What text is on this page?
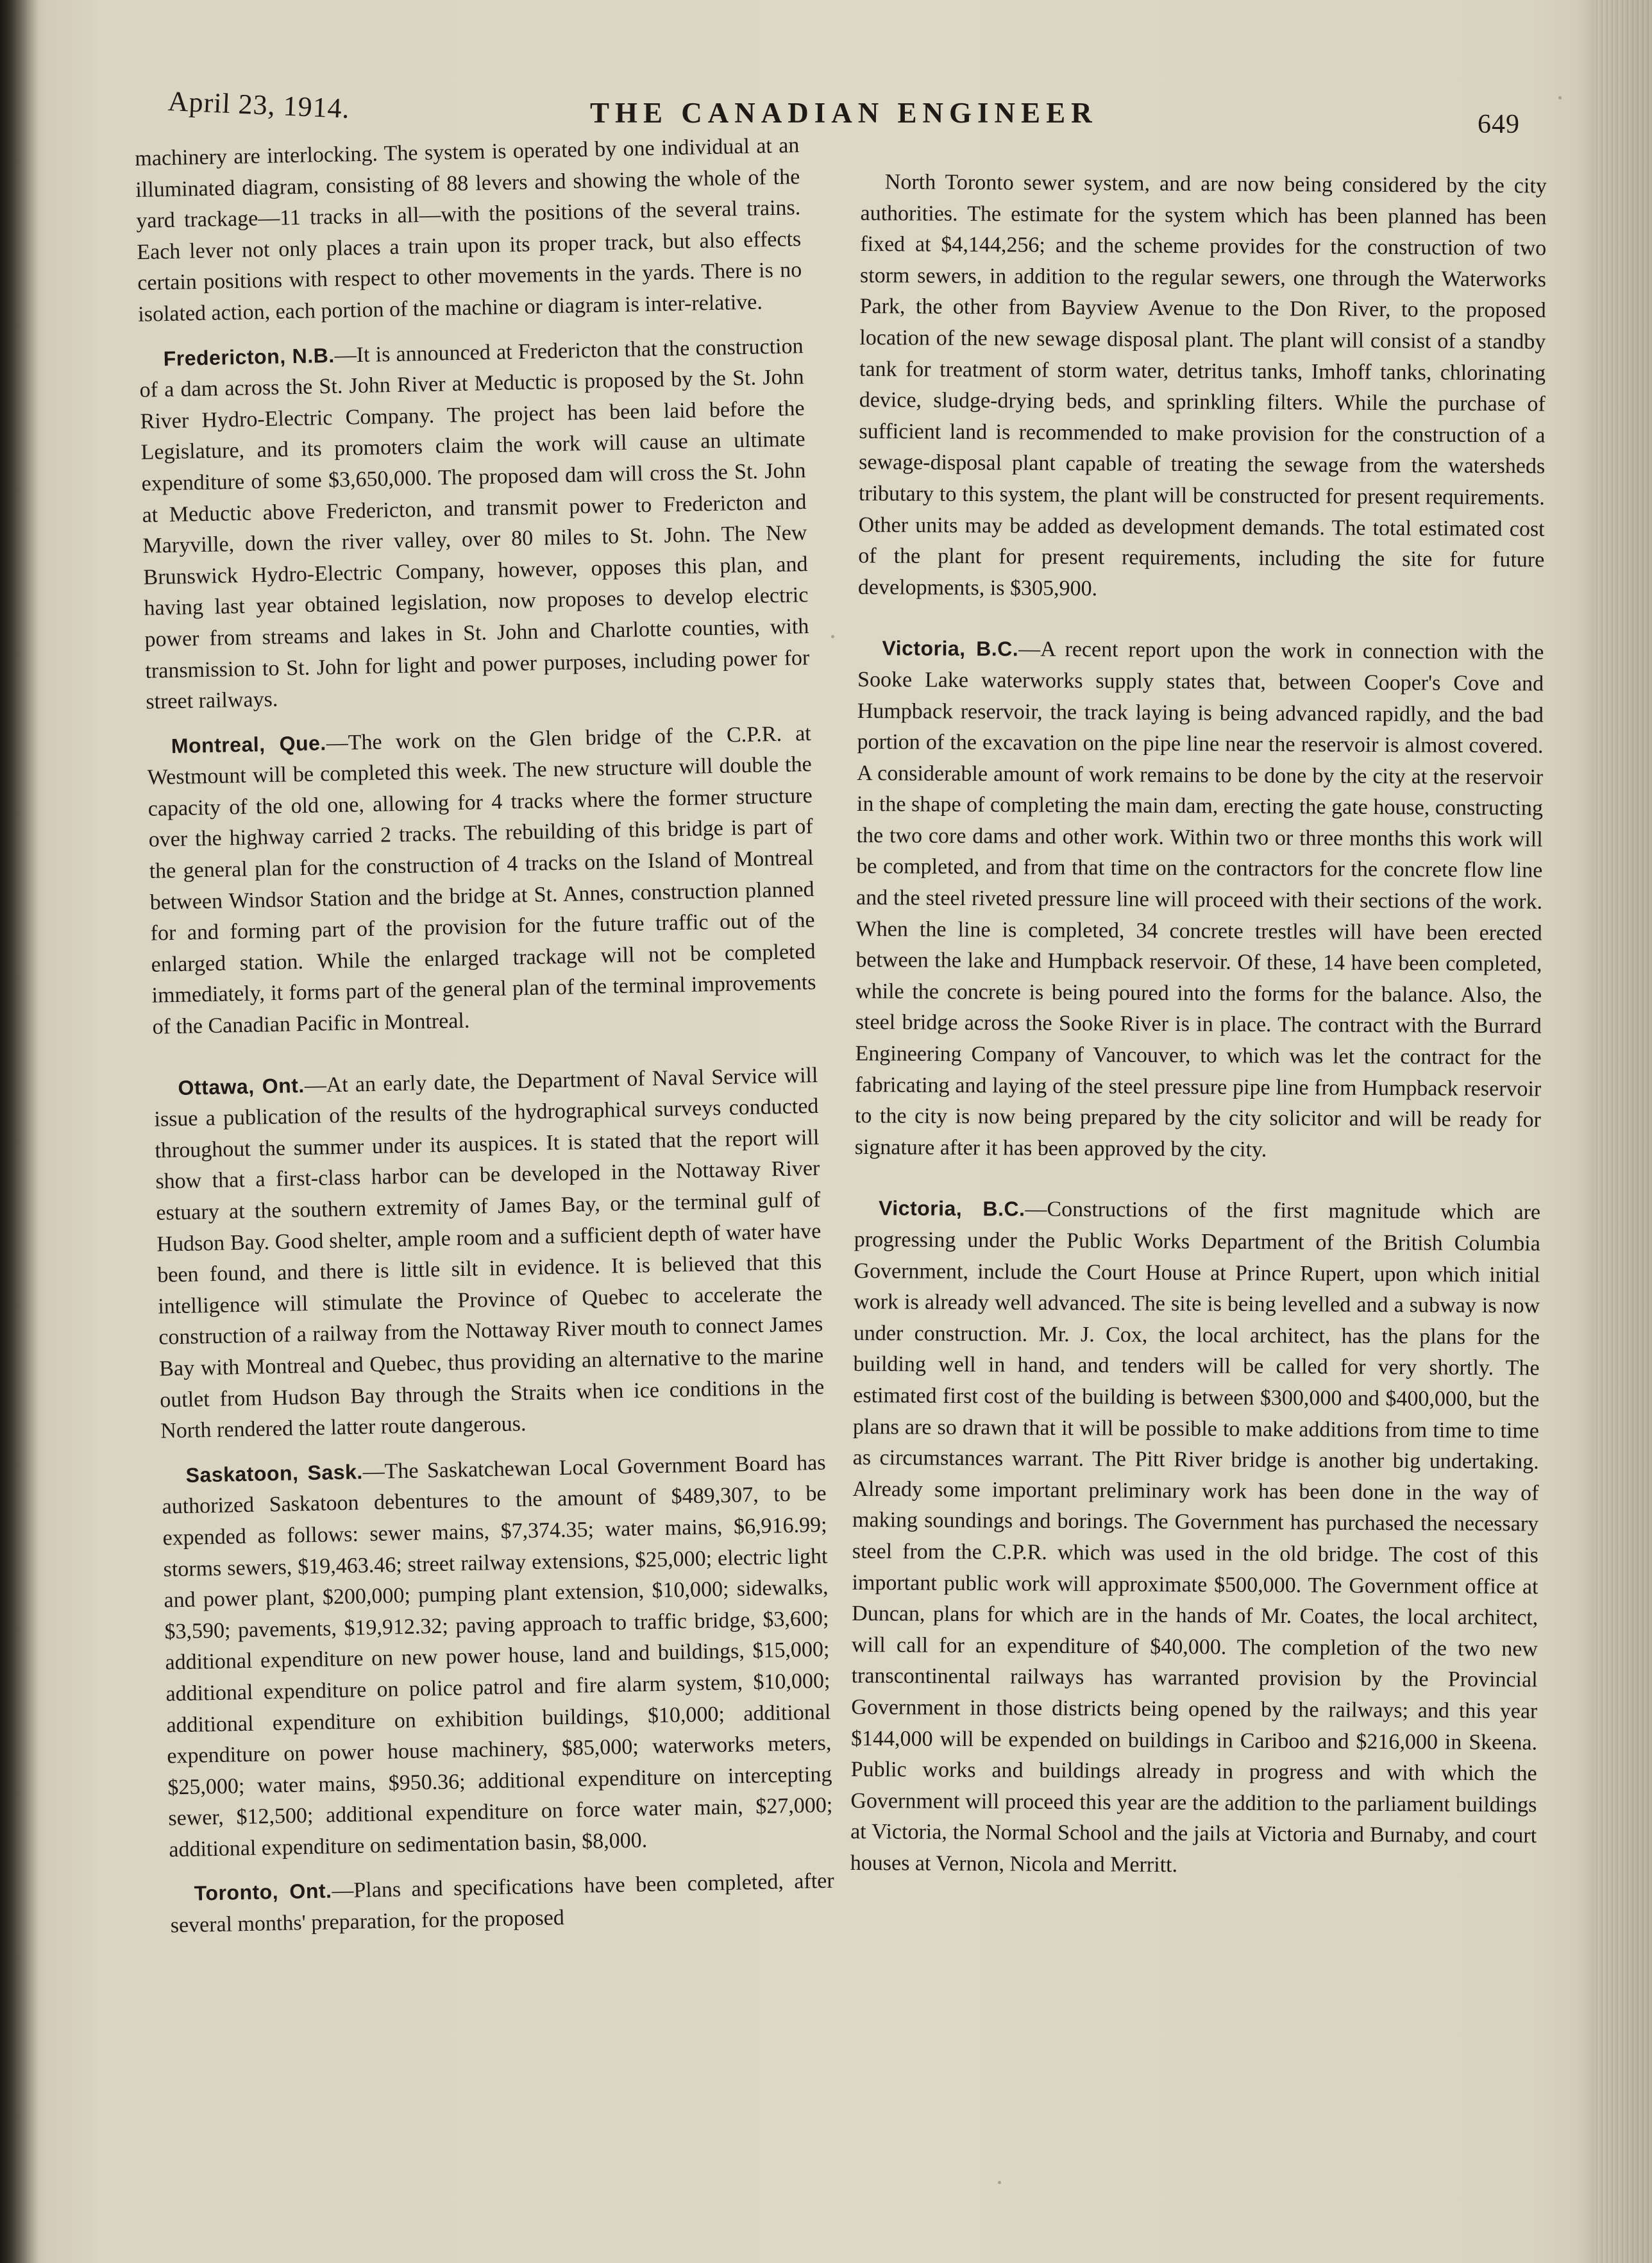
April 23, 1914.	THE CANADIAN ENGINEER	649

machinery are interlocking. The system is operated by one individual at an illuminated diagram, consisting of 88 levers and showing the whole of the yard trackage—11 tracks in all—with the positions of the several trains. Each lever not only places a train upon its proper track, but also effects certain positions with respect to other movements in the yards. There is no isolated action, each portion of the machine or diagram is inter-relative.

Fredericton, N.B.—It is announced at Fredericton that the construction of a dam across the St. John River at Meductic is proposed by the St. John River Hydro-Electric Company. The project has been laid before the Legislature, and its promoters claim the work will cause an ultimate expenditure of some $3,650,000. The proposed dam will cross the St. John at Meductic above Fredericton, and transmit power to Fredericton and Maryville, down the river valley, over 80 miles to St. John. The New Brunswick Hydro-Electric Company, however, opposes this plan, and having last year obtained legislation, now proposes to develop electric power from streams and lakes in St. John and Charlotte counties, with transmission to St. John for light and power purposes, including power for street railways.

Montreal, Que.—The work on the Glen bridge of the C.P.R. at Westmount will be completed this week. The new structure will double the capacity of the old one, allowing for 4 tracks where the former structure over the highway carried 2 tracks. The rebuilding of this bridge is part of the general plan for the construction of 4 tracks on the Island of Montreal between Windsor Station and the bridge at St. Annes, construction planned for and forming part of the provision for the future traffic out of the enlarged station. While the enlarged trackage will not be completed immediately, it forms part of the general plan of the terminal improvements of the Canadian Pacific in Montreal.

Ottawa, Ont.—At an early date, the Department of Naval Service will issue a publication of the results of the hydrographical surveys conducted throughout the summer under its auspices. It is stated that the report will show that a first-class harbor can be developed in the Nottaway River estuary at the southern extremity of James Bay, or the terminal gulf of Hudson Bay. Good shelter, ample room and a sufficient depth of water have been found, and there is little silt in evidence. It is believed that this intelligence will stimulate the Province of Quebec to accelerate the construction of a railway from the Nottaway River mouth to connect James Bay with Montreal and Quebec, thus providing an alternative to the marine outlet from Hudson Bay through the Straits when ice conditions in the North rendered the latter route dangerous.

Saskatoon, Sask.—The Saskatchewan Local Government Board has authorized Saskatoon debentures to the amount of $489,307, to be expended as follows: sewer mains, $7,374.35; water mains, $6,916.99; storms sewers, $19,463.46; street railway extensions, $25,000; electric light and power plant, $200,000; pumping plant extension, $10,000; sidewalks, $3,590; pavements, $19,912.32; paving approach to traffic bridge, $3,600; additional expenditure on new power house, land and buildings, $15,000; additional expenditure on police patrol and fire alarm system, $10,000; additional expenditure on exhibition buildings, $10,000; additional expenditure on power house machinery, $85,000; waterworks meters, $25,000; water mains, $950.36; additional expenditure on intercepting sewer, $12,500; additional expenditure on force water main, $27,000; additional expenditure on sedimentation basin, $8,000.

Toronto, Ont.—Plans and specifications have been completed, after several months' preparation, for the proposed

North Toronto sewer system, and are now being considered by the city authorities. The estimate for the system which has been planned has been fixed at $4,144,256; and the scheme provides for the construction of two storm sewers, in addition to the regular sewers, one through the Waterworks Park, the other from Bayview Avenue to the Don River, to the proposed location of the new sewage disposal plant. The plant will consist of a standby tank for treatment of storm water, detritus tanks, Imhoff tanks, chlorinating device, sludge-drying beds, and sprinkling filters. While the purchase of sufficient land is recommended to make provision for the construction of a sewage-disposal plant capable of treating the sewage from the watersheds tributary to this system, the plant will be constructed for present requirements. Other units may be added as development demands. The total estimated cost of the plant for present requirements, including the site for future developments, is $305,900.

Victoria, B.C.—A recent report upon the work in connection with the Sooke Lake waterworks supply states that, between Cooper's Cove and Humpback reservoir, the track laying is being advanced rapidly, and the bad portion of the excavation on the pipe line near the reservoir is almost covered. A considerable amount of work remains to be done by the city at the reservoir in the shape of completing the main dam, erecting the gate house, constructing the two core dams and other work. Within two or three months this work will be completed, and from that time on the contractors for the concrete flow line and the steel riveted pressure line will proceed with their sections of the work. When the line is completed, 34 concrete trestles will have been erected between the lake and Humpback reservoir. Of these, 14 have been completed, while the concrete is being poured into the forms for the balance. Also, the steel bridge across the Sooke River is in place. The contract with the Burrard Engineering Company of Vancouver, to which was let the contract for the fabricating and laying of the steel pressure pipe line from Humpback reservoir to the city is now being prepared by the city solicitor and will be ready for signature after it has been approved by the city.

Victoria, B.C.—Constructions of the first magnitude which are progressing under the Public Works Department of the British Columbia Government, include the Court House at Prince Rupert, upon which initial work is already well advanced. The site is being levelled and a subway is now under construction. Mr. J. Cox, the local architect, has the plans for the building well in hand, and tenders will be called for very shortly. The estimated first cost of the building is between $300,000 and $400,000, but the plans are so drawn that it will be possible to make additions from time to time as circumstances warrant. The Pitt River bridge is another big undertaking. Already some important preliminary work has been done in the way of making soundings and borings. The Government has purchased the necessary steel from the C.P.R. which was used in the old bridge. The cost of this important public work will approximate $500,000. The Government office at Duncan, plans for which are in the hands of Mr. Coates, the local architect, will call for an expenditure of $40,000. The completion of the two new transcontinental railways has warranted provision by the Provincial Government in those districts being opened by the railways; and this year $144,000 will be expended on buildings in Cariboo and $216,000 in Skeena. Public works and buildings already in progress and with which the Government will proceed this year are the addition to the parliament buildings at Victoria, the Normal School and the jails at Victoria and Burnaby, and court houses at Vernon, Nicola and Merritt.
